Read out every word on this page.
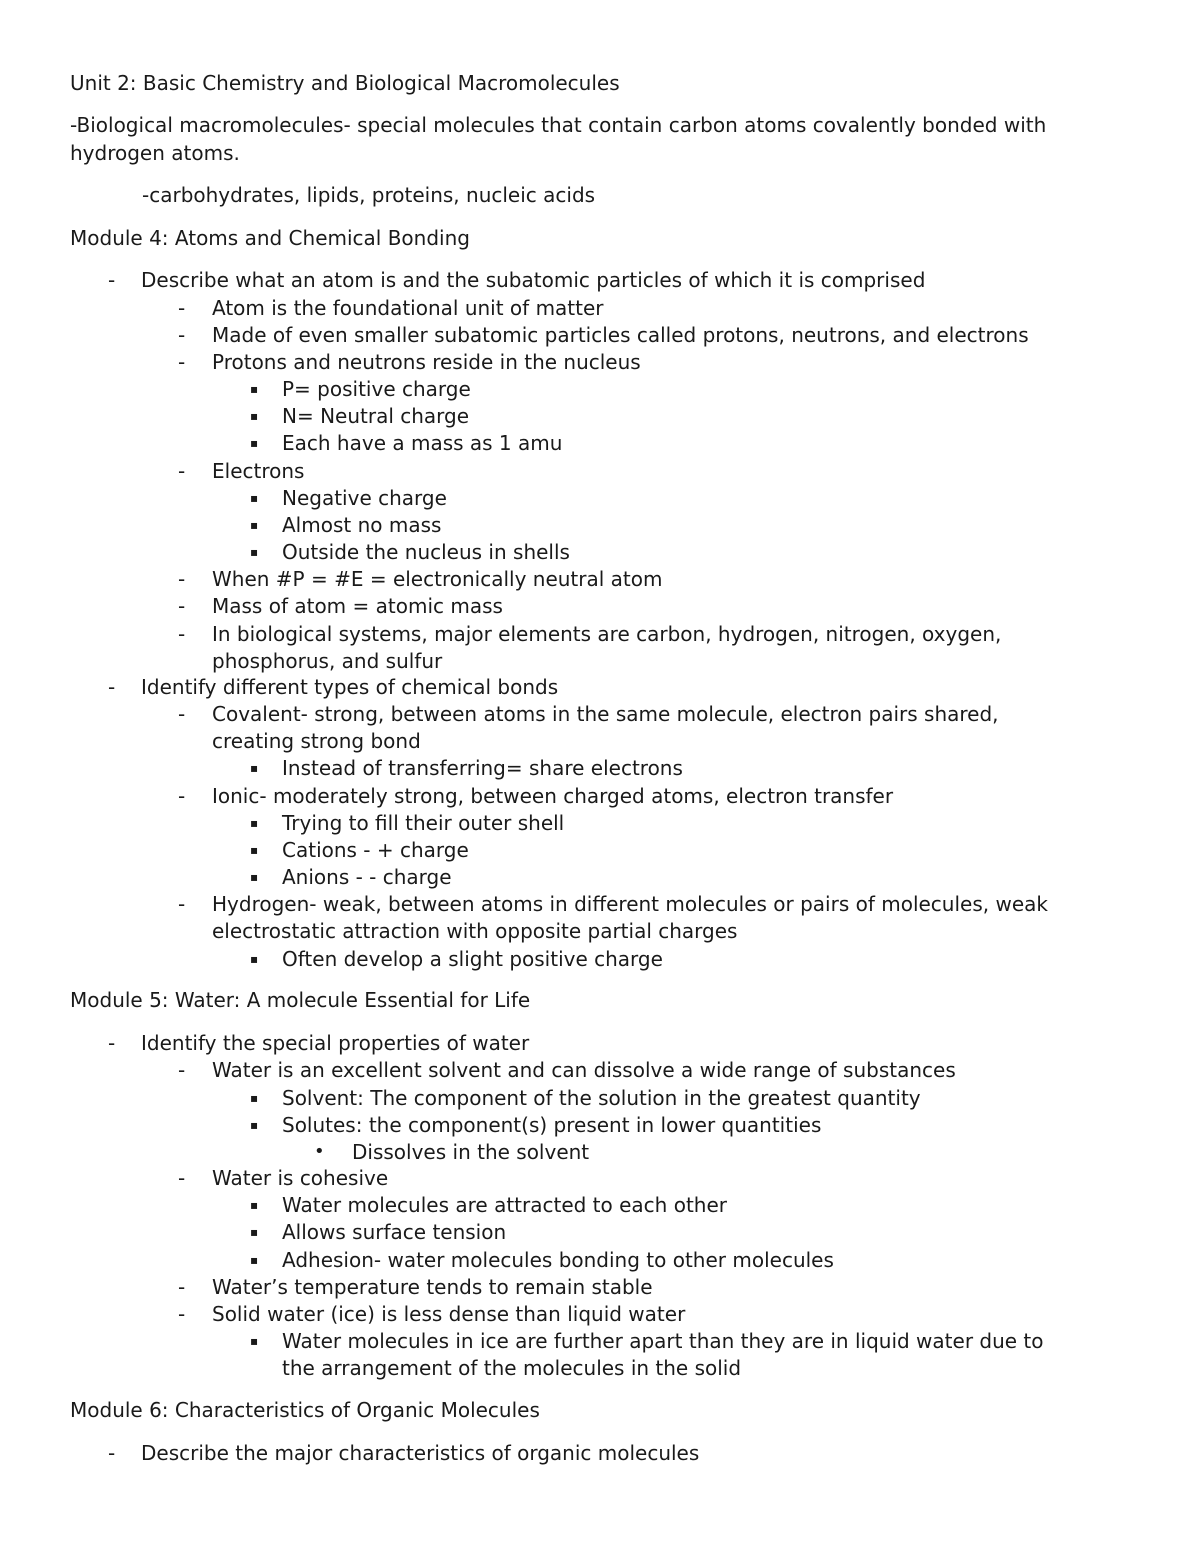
Unit 2: Basic Chemistry and Biological Macromolecules
-Biological macromolecules- special molecules that contain carbon atoms covalently bonded with
hydrogen atoms.
-carbohydrates, lipids, proteins, nucleic acids
Module 4: Atoms and Chemical Bonding
- Describe what an atom is and the subatomic particles of which it is comprised
- Atom is the foundational unit of matter
- Made of even smaller subatomic particles called protons, neutrons, and electrons
- Protons and neutrons reside in the nucleus
▪ P= positive charge
▪ N= Neutral charge
▪ Each have a mass as 1 amu
- Electrons
▪ Negative charge
▪ Almost no mass
▪ Outside the nucleus in shells
- When #P = #E = electronically neutral atom
- Mass of atom = atomic mass
- In biological systems, major elements are carbon, hydrogen, nitrogen, oxygen,
phosphorus, and sulfur
- Identify different types of chemical bonds
- Covalent- strong, between atoms in the same molecule, electron pairs shared,
creating strong bond
▪ Instead of transferring= share electrons
- Ionic- moderately strong, between charged atoms, electron transfer
▪ Trying to fill their outer shell
▪ Cations - + charge
▪ Anions - - charge
- Hydrogen- weak, between atoms in different molecules or pairs of molecules, weak
electrostatic attraction with opposite partial charges
▪ Often develop a slight positive charge
Module 5: Water: A molecule Essential for Life
- Identify the special properties of water
- Water is an excellent solvent and can dissolve a wide range of substances
▪ Solvent: The component of the solution in the greatest quantity
▪ Solutes: the component(s) present in lower quantities
• Dissolves in the solvent
- Water is cohesive
▪ Water molecules are attracted to each other
▪ Allows surface tension
▪ Adhesion- water molecules bonding to other molecules
- Water’s temperature tends to remain stable
- Solid water (ice) is less dense than liquid water
▪ Water molecules in ice are further apart than they are in liquid water due to
the arrangement of the molecules in the solid
Module 6: Characteristics of Organic Molecules
- Describe the major characteristics of organic molecules
